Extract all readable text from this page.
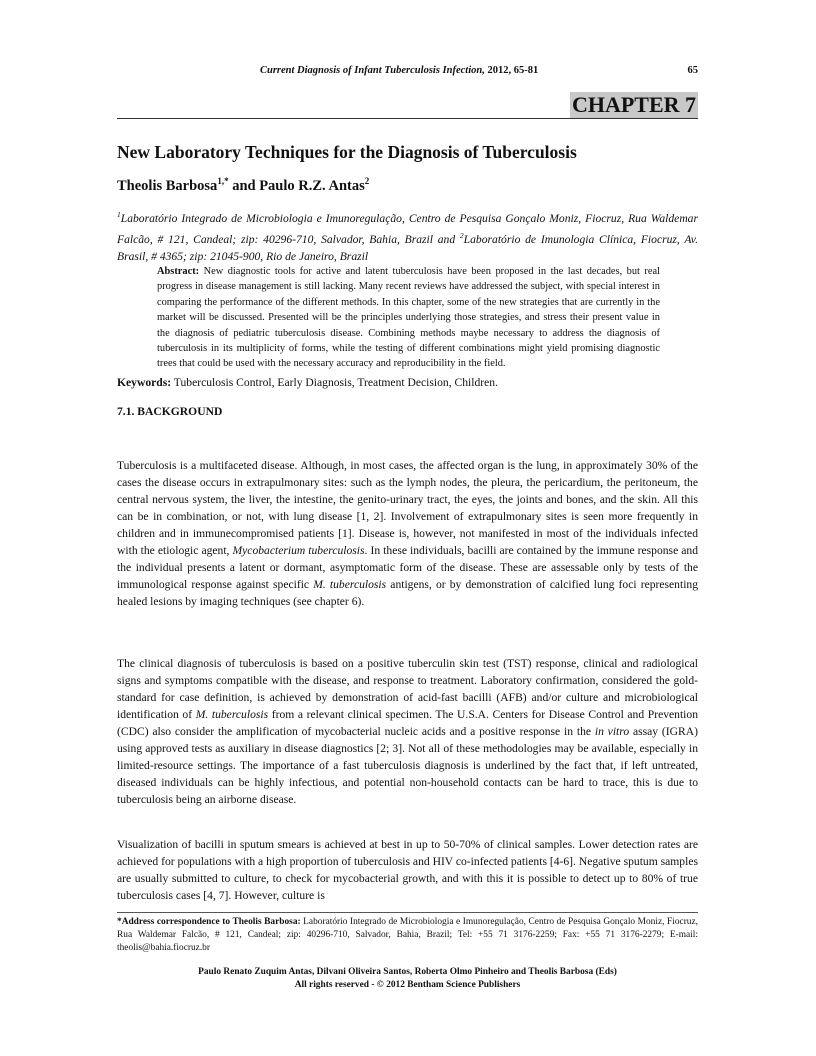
Current Diagnosis of Infant Tuberculosis Infection, 2012, 65-81	65
CHAPTER 7
New Laboratory Techniques for the Diagnosis of Tuberculosis
Theolis Barbosa$^{1,*}$ and Paulo R.Z. Antas$^2$
$^1$Laboratório Integrado de Microbiologia e Imunoregulação, Centro de Pesquisa Gonçalo Moniz, Fiocruz, Rua Waldemar Falcão, # 121, Candeal; zip: 40296-710, Salvador, Bahia, Brazil and $^2$Laboratório de Imunologia Clínica, Fiocruz, Av. Brasil, # 4365; zip: 21045-900, Rio de Janeiro, Brazil
Abstract: New diagnostic tools for active and latent tuberculosis have been proposed in the last decades, but real progress in disease management is still lacking. Many recent reviews have addressed the subject, with special interest in comparing the performance of the different methods. In this chapter, some of the new strategies that are currently in the market will be discussed. Presented will be the principles underlying those strategies, and stress their present value in the diagnosis of pediatric tuberculosis disease. Combining methods maybe necessary to address the diagnosis of tuberculosis in its multiplicity of forms, while the testing of different combinations might yield promising diagnostic trees that could be used with the necessary accuracy and reproducibility in the field.
Keywords: Tuberculosis Control, Early Diagnosis, Treatment Decision, Children.
7.1. BACKGROUND
Tuberculosis is a multifaceted disease. Although, in most cases, the affected organ is the lung, in approximately 30% of the cases the disease occurs in extrapulmonary sites: such as the lymph nodes, the pleura, the pericardium, the peritoneum, the central nervous system, the liver, the intestine, the genito-urinary tract, the eyes, the joints and bones, and the skin. All this can be in combination, or not, with lung disease [1, 2]. Involvement of extrapulmonary sites is seen more frequently in children and in immunecompromised patients [1]. Disease is, however, not manifested in most of the individuals infected with the etiologic agent, Mycobacterium tuberculosis. In these individuals, bacilli are contained by the immune response and the individual presents a latent or dormant, asymptomatic form of the disease. These are assessable only by tests of the immunological response against specific M. tuberculosis antigens, or by demonstration of calcified lung foci representing healed lesions by imaging techniques (see chapter 6).
The clinical diagnosis of tuberculosis is based on a positive tuberculin skin test (TST) response, clinical and radiological signs and symptoms compatible with the disease, and response to treatment. Laboratory confirmation, considered the gold-standard for case definition, is achieved by demonstration of acid-fast bacilli (AFB) and/or culture and microbiological identification of M. tuberculosis from a relevant clinical specimen. The U.S.A. Centers for Disease Control and Prevention (CDC) also consider the amplification of mycobacterial nucleic acids and a positive response in the in vitro assay (IGRA) using approved tests as auxiliary in disease diagnostics [2; 3]. Not all of these methodologies may be available, especially in limited-resource settings. The importance of a fast tuberculosis diagnosis is underlined by the fact that, if left untreated, diseased individuals can be highly infectious, and potential non-household contacts can be hard to trace, this is due to tuberculosis being an airborne disease.
Visualization of bacilli in sputum smears is achieved at best in up to 50-70% of clinical samples. Lower detection rates are achieved for populations with a high proportion of tuberculosis and HIV co-infected patients [4-6]. Negative sputum samples are usually submitted to culture, to check for mycobacterial growth, and with this it is possible to detect up to 80% of true tuberculosis cases [4, 7]. However, culture is
*Address correspondence to Theolis Barbosa: Laboratório Integrado de Microbiologia e Imunoregulação, Centro de Pesquisa Gonçalo Moniz, Fiocruz, Rua Waldemar Falcão, # 121, Candeal; zip: 40296-710, Salvador, Bahia, Brazil; Tel: +55 71 3176-2259; Fax: +55 71 3176-2279; E-mail: theolis@bahia.fiocruz.br
Paulo Renato Zuquim Antas, Dilvani Oliveira Santos, Roberta Olmo Pinheiro and Theolis Barbosa (Eds)
All rights reserved - © 2012 Bentham Science Publishers
